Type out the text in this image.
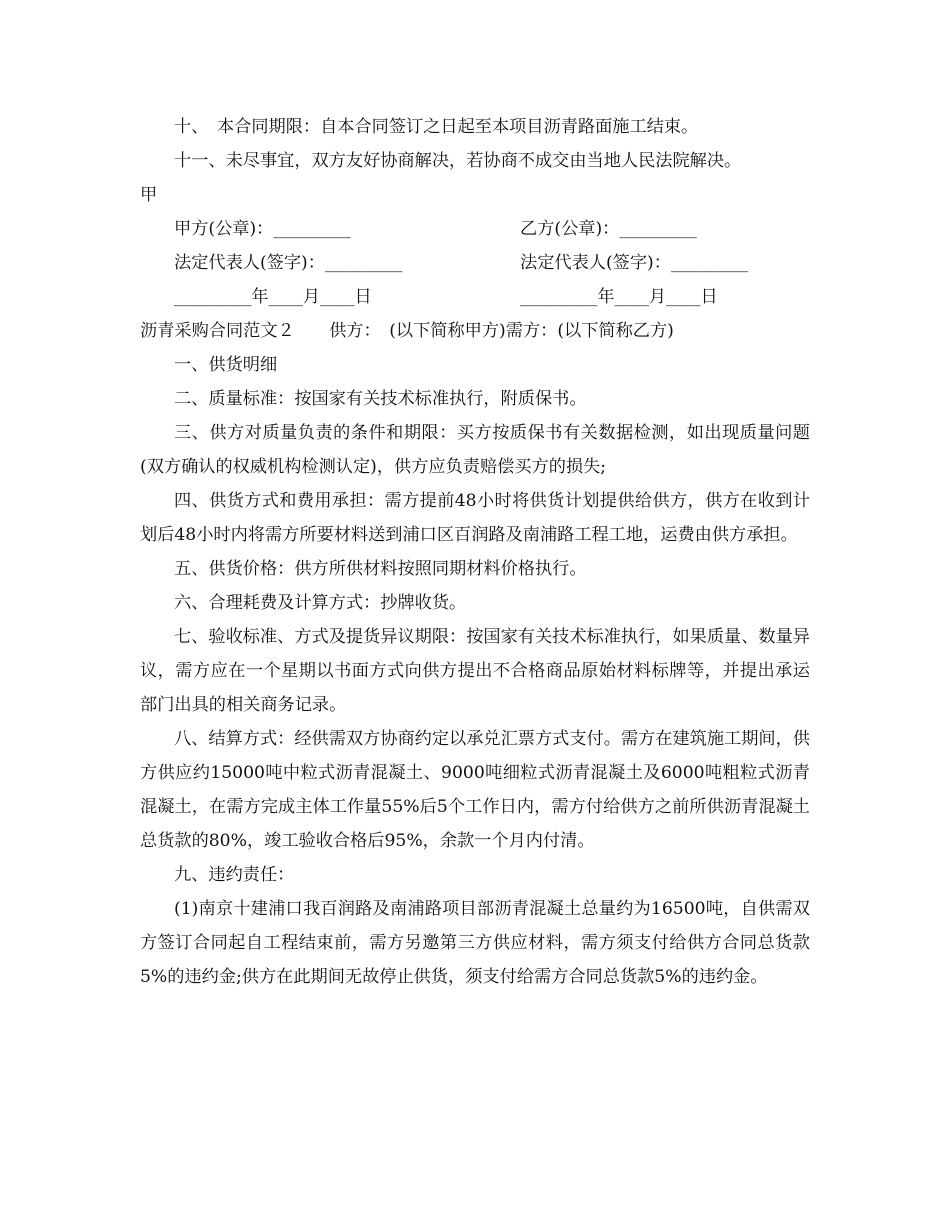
十、　本合同期限：自本合同签订之日起至本项目沥青路面施工结束。

十一、未尽事宜，双方友好协商解决，若协商不成交由当地人民法院解决。

甲

甲方(公章)：_________	乙方(公章)：_________
法定代表人(签字)：_________	法定代表人(签字)：_________
_________年____月____日	_________年____月____日

沥青采购合同范文２　　供方：　(以下简称甲方)需方：(以下简称乙方)

一、供货明细

二、质量标准：按国家有关技术标准执行，附质保书。

三、供方对质量负责的条件和期限：买方按质保书有关数据检测，如出现质量问题(双方确认的权威机构检测认定)，供方应负责赔偿买方的损失;

四、供货方式和费用承担：需方提前48小时将供货计划提供给供方，供方在收到计划后48小时内将需方所要材料送到浦口区百润路及南浦路工程工地，运费由供方承担。

五、供货价格：供方所供材料按照同期材料价格执行。

六、合理耗费及计算方式：抄牌收货。

七、验收标准、方式及提货异议期限：按国家有关技术标准执行，如果质量、数量异议，需方应在一个星期以书面方式向供方提出不合格商品原始材料标牌等，并提出承运部门出具的相关商务记录。

八、结算方式：经供需双方协商约定以承兑汇票方式支付。需方在建筑施工期间，供方供应约15000吨中粒式沥青混凝土、9000吨细粒式沥青混凝土及6000吨粗粒式沥青混凝土，在需方完成主体工作量55%后5个工作日内，需方付给供方之前所供沥青混凝土总货款的80%，竣工验收合格后95%，余款一个月内付清。

九、违约责任：

(1)南京十建浦口我百润路及南浦路项目部沥青混凝土总量约为16500吨，自供需双方签订合同起自工程结束前，需方另邀第三方供应材料，需方须支付给供方合同总货款5%的违约金;供方在此期间无故停止供货，须支付给需方合同总货款5%的违约金。
